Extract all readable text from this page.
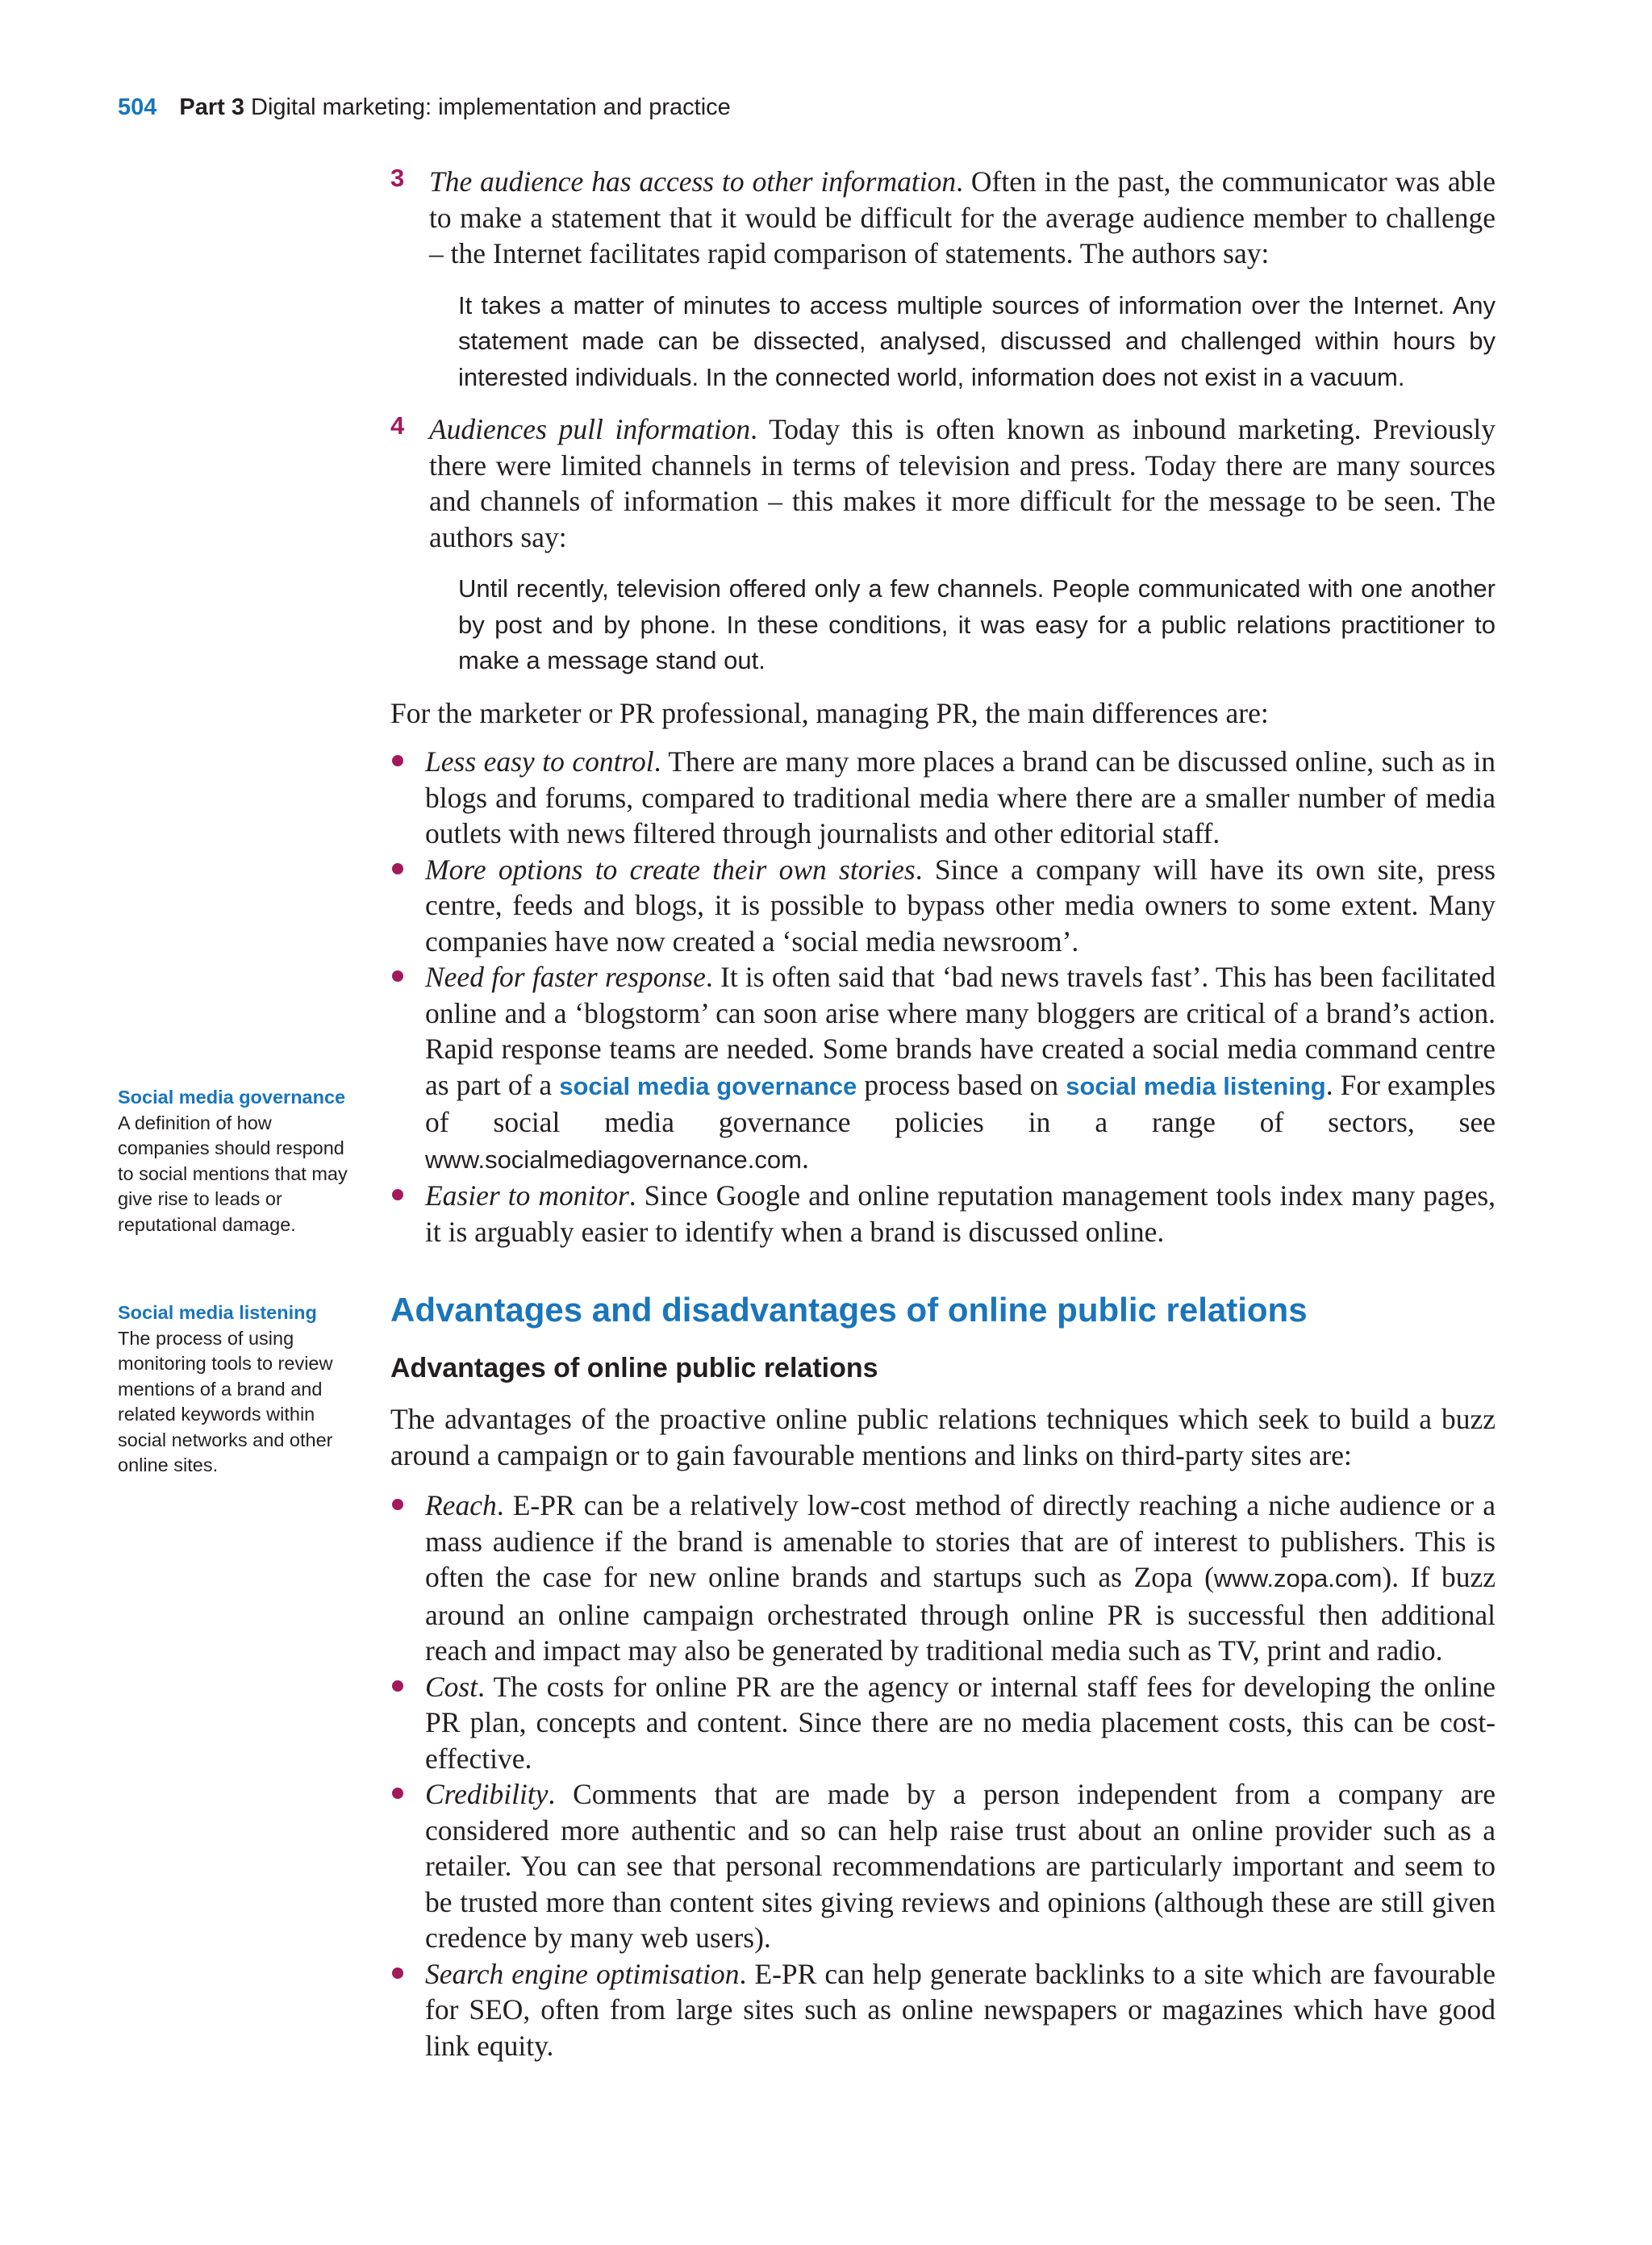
504 Part 3 Digital marketing: implementation and practice
Social media governance
A definition of how companies should respond to social mentions that may give rise to leads or reputational damage.
Social media listening
The process of using monitoring tools to review mentions of a brand and related keywords within social networks and other online sites.
3 The audience has access to other information. Often in the past, the communicator was able to make a statement that it would be difficult for the average audience member to challenge – the Internet facilitates rapid comparison of statements. The authors say:

It takes a matter of minutes to access multiple sources of information over the Internet. Any statement made can be dissected, analysed, discussed and challenged within hours by interested individuals. In the connected world, information does not exist in a vacuum.
4 Audiences pull information. Today this is often known as inbound marketing. Previously there were limited channels in terms of television and press. Today there are many sources and channels of information – this makes it more difficult for the message to be seen. The authors say:

Until recently, television offered only a few channels. People communicated with one another by post and by phone. In these conditions, it was easy for a public relations practitioner to make a message stand out.

For the marketer or PR professional, managing PR, the main differences are:

Less easy to control. There are many more places a brand can be discussed online, such as in blogs and forums, compared to traditional media where there are a smaller number of media outlets with news filtered through journalists and other editorial staff.
More options to create their own stories. Since a company will have its own site, press centre, feeds and blogs, it is possible to bypass other media owners to some extent. Many companies have now created a ‘social media newsroom’.
Need for faster response. It is often said that ‘bad news travels fast’. This has been facilitated online and a ‘blogstorm’ can soon arise where many bloggers are critical of a brand’s action. Rapid response teams are needed. Some brands have created a social media command centre as part of a social media governance process based on social media listening. For examples of social media governance policies in a range of sectors, see www.socialmediagovernance.com.
Easier to monitor. Since Google and online reputation management tools index many pages, it is arguably easier to identify when a brand is discussed online.
Advantages and disadvantages of online public relations
Advantages of online public relations

The advantages of the proactive online public relations techniques which seek to build a buzz around a campaign or to gain favourable mentions and links on third-party sites are:

Reach. E-PR can be a relatively low-cost method of directly reaching a niche audience or a mass audience if the brand is amenable to stories that are of interest to publishers. This is often the case for new online brands and startups such as Zopa (www.zopa.com). If buzz around an online campaign orchestrated through online PR is successful then additional reach and impact may also be generated by traditional media such as TV, print and radio.
Cost. The costs for online PR are the agency or internal staff fees for developing the online PR plan, concepts and content. Since there are no media placement costs, this can be cost-effective.
Credibility. Comments that are made by a person independent from a company are considered more authentic and so can help raise trust about an online provider such as a retailer. You can see that personal recommendations are particularly important and seem to be trusted more than content sites giving reviews and opinions (although these are still given credence by many web users).
Search engine optimisation. E-PR can help generate backlinks to a site which are favourable for SEO, often from large sites such as online newspapers or magazines which have good link equity.
